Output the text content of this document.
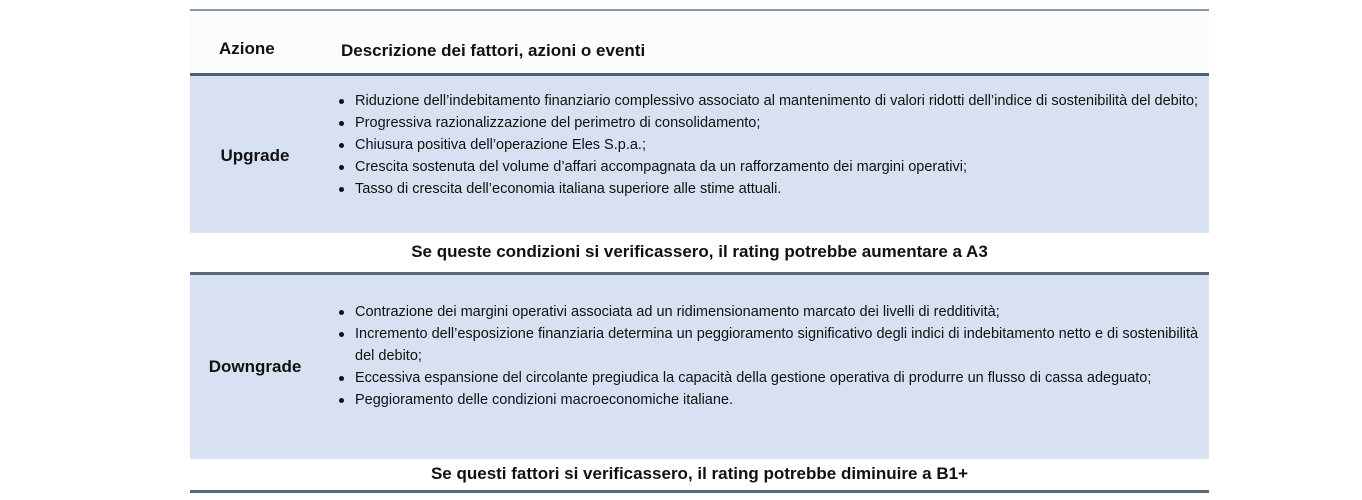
Azione	Descrizione dei fattori, azioni o eventi
Upgrade
Riduzione dell’indebitamento finanziario complessivo associato al mantenimento di valori ridotti dell’indice di sostenibilità del debito;
Progressiva razionalizzazione del perimetro di consolidamento;
Chiusura positiva dell’operazione Eles S.p.a.;
Crescita sostenuta del volume d’affari accompagnata da un rafforzamento dei margini operativi;
Tasso di crescita dell’economia italiana superiore alle stime attuali.
Se queste condizioni si verificassero, il rating potrebbe aumentare a A3
Downgrade
Contrazione dei margini operativi associata ad un ridimensionamento marcato dei livelli di redditività;
Incremento dell’esposizione finanziaria determina un peggioramento significativo degli indici di indebitamento netto e di sostenibilità del debito;
Eccessiva espansione del circolante pregiudica la capacità della gestione operativa di produrre un flusso di cassa adeguato;
Peggioramento delle condizioni macroeconomiche italiane.
Se questi fattori si verificassero, il rating potrebbe diminuire a B1+
